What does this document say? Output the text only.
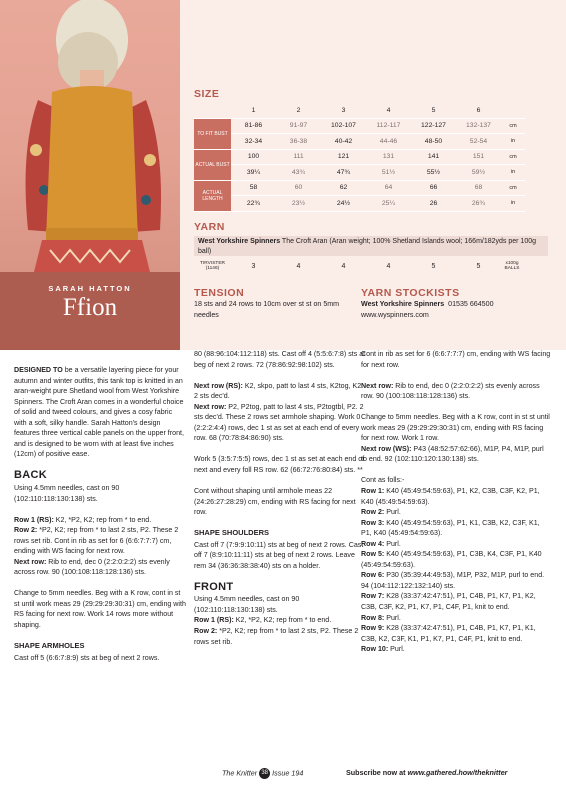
SARAH HATTON
Ffion
SIZE
	1	2	3	4	5	6	
TO FIT BUST	81-86	91-97	102-107	112-117	122-127	132-137	cm
	32-34	36-38	40-42	44-46	48-50	52-54	in
ACTUAL BUST	100	111	121	131	141	151	cm
	39¼	43¾	47¾	51½	55½	59½	in
ACTUAL LENGTH	58	60	62	64	66	68	cm
	22¾	23½	24½	25¼	26	26¾	in
YARN
West Yorkshire Spinners The Croft Aran (Aran weight; 100% Shetland Islands wool; 166m/182yds per 100g ball)
TIRVISTER (1146)	3	4	4	4	5	5	x100g BALLS
TENSION
18 sts and 24 rows to 10cm over st st on 5mm needles
YARN STOCKISTS
West Yorkshire Spinners 01535 664500
www.wyspinners.com

DESIGNED TO be a versatile layering piece for your autumn and winter outfits, this tank top is knitted in an aran-weight pure Shetland wool from West Yorkshire Spinners. The Croft Aran comes in a wonderful choice of solid and tweed colours, and gives a cosy fabric with a soft, silky handle. Sarah Hatton's design features three vertical cable panels on the upper front, and is designed to be worn with at least five inches (12cm) of positive ease.

BACK

Using 4.5mm needles, cast on 90 (102:110:118:130:138) sts.

Row 1 (RS): K2, *P2, K2; rep from * to end.
Row 2: *P2, K2; rep from * to last 2 sts, P2. These 2 rows set rib. Cont in rib as set for 6 (6:6:7:7:7) cm, ending with WS facing for next row.
Next row: Rib to end, dec 0 (2:2:0:2:2) sts evenly across row. 90 (100:108:118:128:136) sts.

Change to 5mm needles. Beg with a K row, cont in st st until work meas 29 (29:29:29:30:31) cm, ending with RS facing for next row. Work 14 rows more without shaping.

SHAPE ARMHOLES

Cast off 5 (6:6:7:8:9) sts at beg of next 2 rows.

80 (88:96:104:112:118) sts. Cast off 4 (5:5:6:7:8) sts at beg of next 2 rows. 72 (78:86:92:98:102) sts.

Next row (RS): K2, skpo, patt to last 4 sts, K2tog, K2. 2 sts dec'd.
Next row: P2, P2tog, patt to last 4 sts, P2togtbl, P2. 2 sts dec'd. These 2 rows set armhole shaping. Work 0 (2:2:2:4:4) rows, dec 1 st as set at each end of every row. 68 (70:78:84:86:90) sts.

Work 5 (3:5:7:5:5) rows, dec 1 st as set at each end of next and every foll RS row. 62 (66:72:76:80:84) sts. **

Cont without shaping until armhole meas 22 (24:26:27:28:29) cm, ending with RS facing for next row.

SHAPE SHOULDERS

Cast off 7 (7:9:9:10:11) sts at beg of next 2 rows. Cast off 7 (8:9:10:11:11) sts at beg of next 2 rows. Leave rem 34 (36:36:38:38:40) sts on a holder.

FRONT

Using 4.5mm needles, cast on 90 (102:110:118:130:138) sts.

Row 1 (RS): K2, *P2, K2; rep from * to end.
Row 2: *P2, K2; rep from * to last 2 sts, P2. These 2 rows set rib.

Cont in rib as set for 6 (6:6:7:7:7) cm, ending with WS facing for next row.

Next row: Rib to end, dec 0 (2:2:0:2:2) sts evenly across row. 90 (100:108:118:128:136) sts.

Change to 5mm needles. Beg with a K row, cont in st st until work meas 29 (29:29:29:30:31) cm, ending with RS facing for next row. Work 1 row.
Next row (WS): P43 (48:52:57:62:66), M1P, P4, M1P, purl to end. 92 (102:110:120:130:138) sts.

Cont as folls:-
Row 1: K40 (45:49:54:59:63), P1, K2, C3B, C3F, K2, P1, K40 (45:49:54:59:63).
Row 2: Purl.
Row 3: K40 (45:49:54:59:63), P1, K1, C3B, K2, C3F, K1, P1, K40 (45:49:54:59:63).
Row 4: Purl.
Row 5: K40 (45:49:54:59:63), P1, C3B, K4, C3F, P1, K40 (45:49:54:59:63).
Row 6: P30 (35:39:44:49:53), M1P, P32, M1P, purl to end. 94 (104:112:122:132:140) sts.
Row 7: K28 (33:37:42:47:51), P1, C4B, P1, K7, P1, K2, C3B, C3F, K2, P1, K7, P1, C4F, P1, knit to end.
Row 8: Purl.
Row 9: K28 (33:37:42:47:51), P1, C4B, P1, K7, P1, K1, C3B, K2, C3F, K1, P1, K7, P1, C4F, P1, knit to end.
Row 10: Purl.
The Knitter 38 Issue 194	Subscribe now at www.gathered.how/theknitter
